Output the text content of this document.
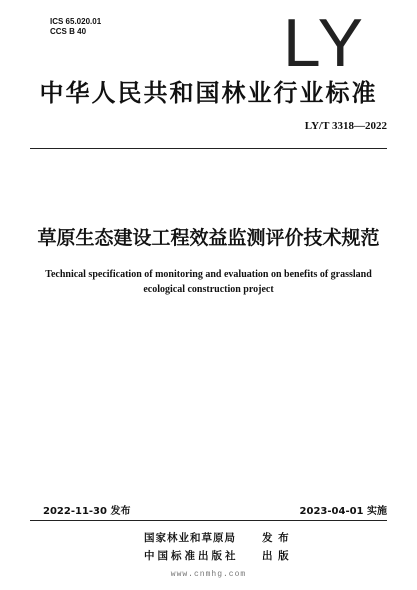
ICS 65.020.01
CCS B 40	LY
中华人民共和国林业行业标准
LY/T 3318—2022
草原生态建设工程效益监测评价技术规范
Technical specification of monitoring and evaluation on benefits of grassland
ecological construction project
2022-11-30 发布	2023-04-01 实施
国家林业和草原局 发 布
中国标准出版社 出 版
www.cnmhg.com
